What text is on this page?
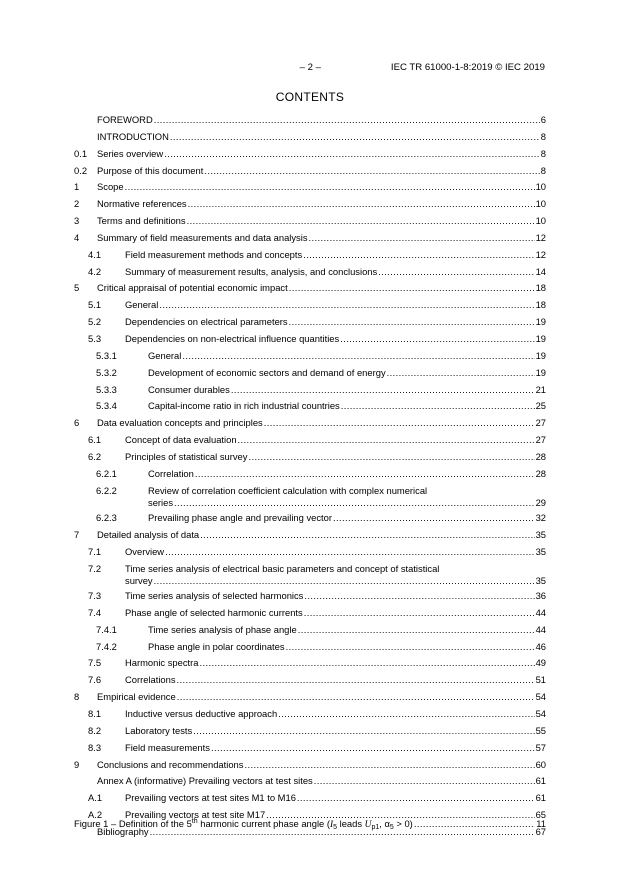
– 2 –	IEC TR 61000-1-8:2019 © IEC 2019
CONTENTS
FOREWORD .....	6
INTRODUCTION .....	8
0.1	Series overview .....	8
0.2	Purpose of this document .....	8
1	Scope .....	10
2	Normative references .....	10
3	Terms and definitions .....	10
4	Summary of field measurements and data analysis .....	12
4.1	Field measurement methods and concepts .....	12
4.2	Summary of measurement results, analysis, and conclusions .....	14
5	Critical appraisal of potential economic impact .....	18
5.1	General .....	18
5.2	Dependencies on electrical parameters .....	19
5.3	Dependencies on non-electrical influence quantities .....	19
5.3.1	General .....	19
5.3.2	Development of economic sectors and demand of energy .....	19
5.3.3	Consumer durables .....	21
5.3.4	Capital-income ratio in rich industrial countries .....	25
6	Data evaluation concepts and principles .....	27
6.1	Concept of data evaluation .....	27
6.2	Principles of statistical survey .....	28
6.2.1	Correlation .....	28
6.2.2	Review of correlation coefficient calculation with complex numerical
series .....	29
6.2.3	Prevailing phase angle and prevailing vector .....	32
7	Detailed analysis of data .....	35
7.1	Overview .....	35
7.2	Time series analysis of electrical basic parameters and concept of statistical
survey .....	35
7.3	Time series analysis of selected harmonics .....	36
7.4	Phase angle of selected harmonic currents .....	44
7.4.1	Time series analysis of phase angle .....	44
7.4.2	Phase angle in polar coordinates .....	46
7.5	Harmonic spectra .....	49
7.6	Correlations .....	51
8	Empirical evidence .....	54
8.1	Inductive versus deductive approach .....	54
8.2	Laboratory tests .....	55
8.3	Field measurements .....	57
9	Conclusions and recommendations .....	60
Annex A (informative) Prevailing vectors at test sites .....	61
A.1	Prevailing vectors at test sites M1 to M16 .....	61
A.2	Prevailing vectors at test site M17 .....	65
Bibliography .....	67
Figure 1 – Definition of the 5th harmonic current phase angle ($I_5$ leads $U_{p1}$, $\alpha_5 > 0$) .....	11
